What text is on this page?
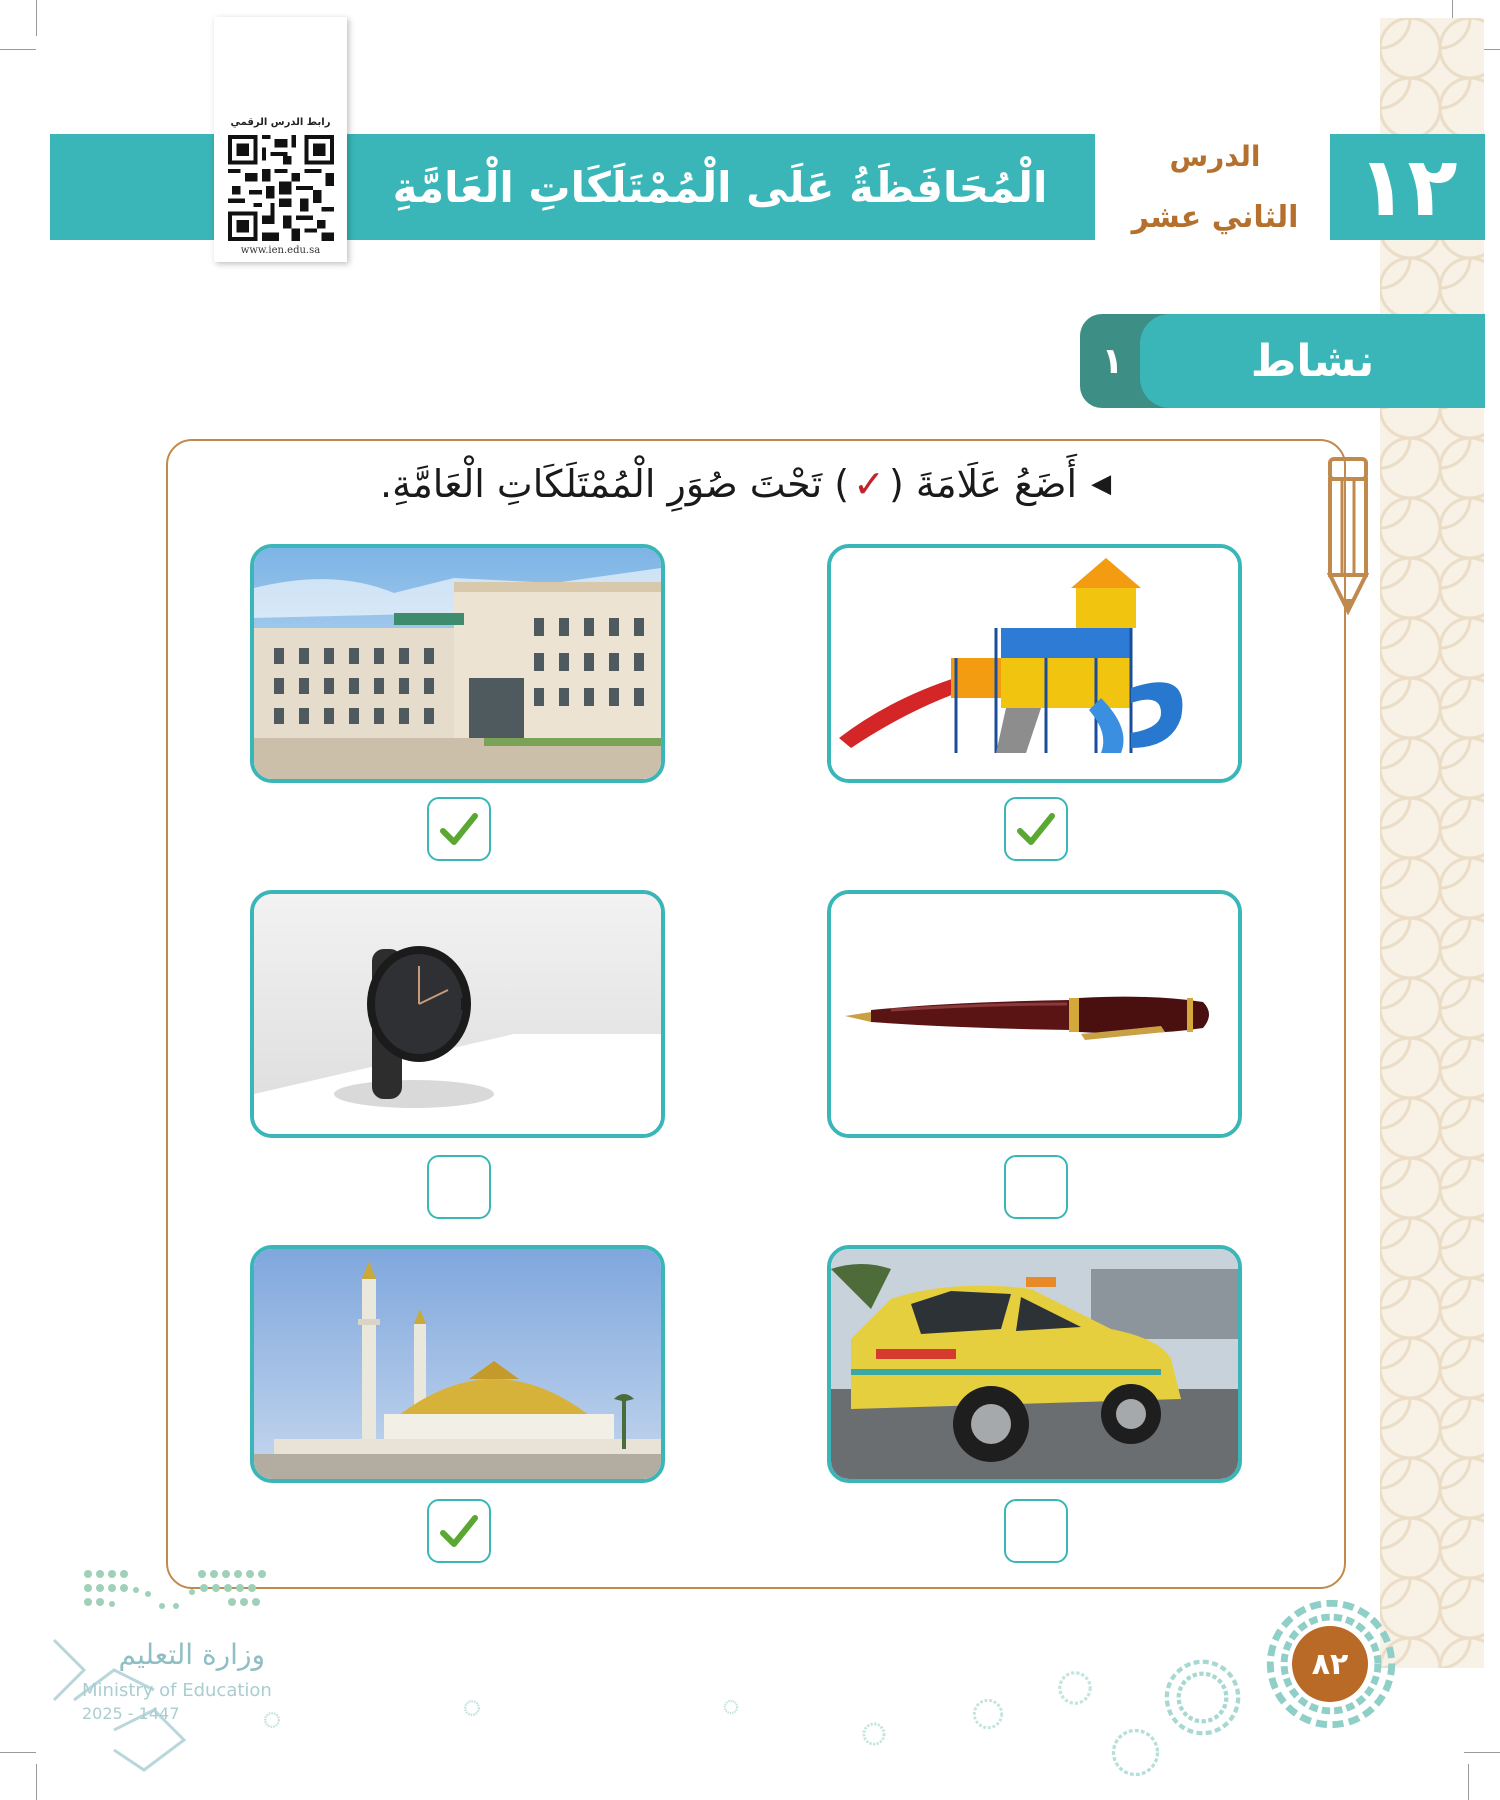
الْمُحَافَظَةُ عَلَى الْمُمْتَلَكَاتِ الْعَامَّةِ
الدرس
الثاني عشر ١٢
رابط الدرس الرقمي
www.ien.edu.sa
١	نشاط
◀
أَضَعُ عَلَامَةَ (
✓
) تَحْتَ صُوَرِ الْمُمْتَلَكَاتِ الْعَامَّةِ.
وزارة التعليم
Ministry of Education
2025 - 1447
٨٢
